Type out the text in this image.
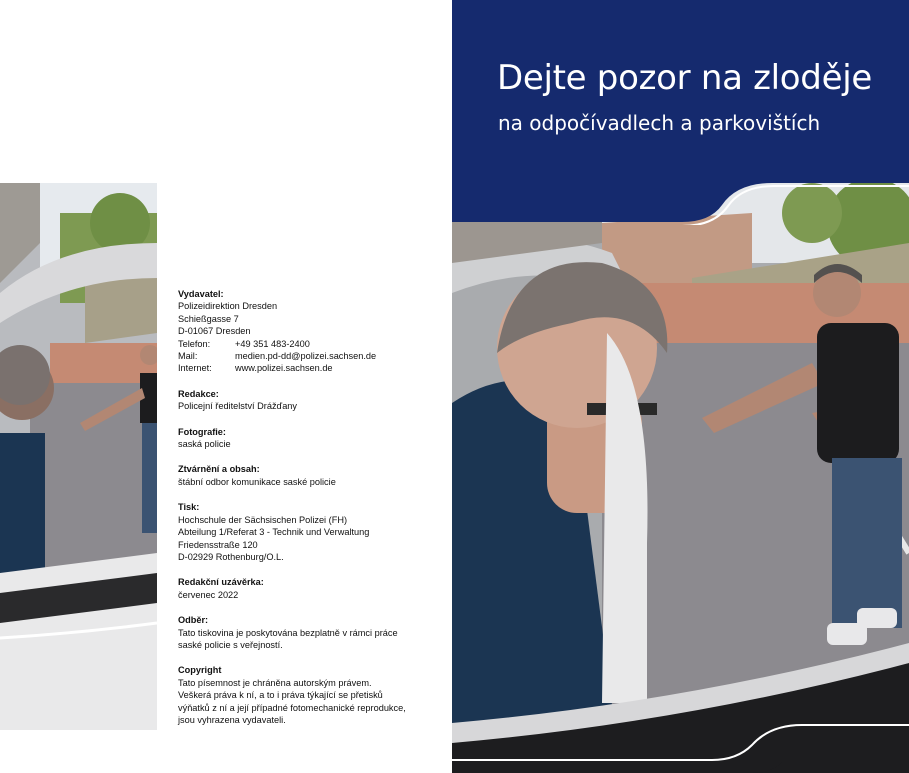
Vydavatel:
Polizeidirektion Dresden
Schießgasse 7
D-01067 Dresden
Telefon:	+49 351 483-2400
Mail:	medien.pd-dd@polizei.sachsen.de
Internet:	www.polizei.sachsen.de
Redakce:
Policejní ředitelství Drážďany
Fotografie:
saská policie
Ztvárnění a obsah:
štábní odbor komunikace saské policie
Tisk:
Hochschule der Sächsischen Polizei (FH)
Abteilung 1/Referat 3 - Technik und Verwaltung
Friedensstraße 120
D-02929 Rothenburg/O.L.
Redakční uzávěrka:
červenec 2022
Odběr:
Tato tiskovina je poskytována bezplatně v rámci práce
saské policie s veřejností.
Copyright
Tato písemnost je chráněna autorským právem.
Veškerá práva k ní, a to i práva týkající se přetisků
výňatků z ní a její případné fotomechanické reprodukce,
jsou vyhrazena vydavateli.
Dejte pozor na zloděje
na odpočívadlech a parkovištích
